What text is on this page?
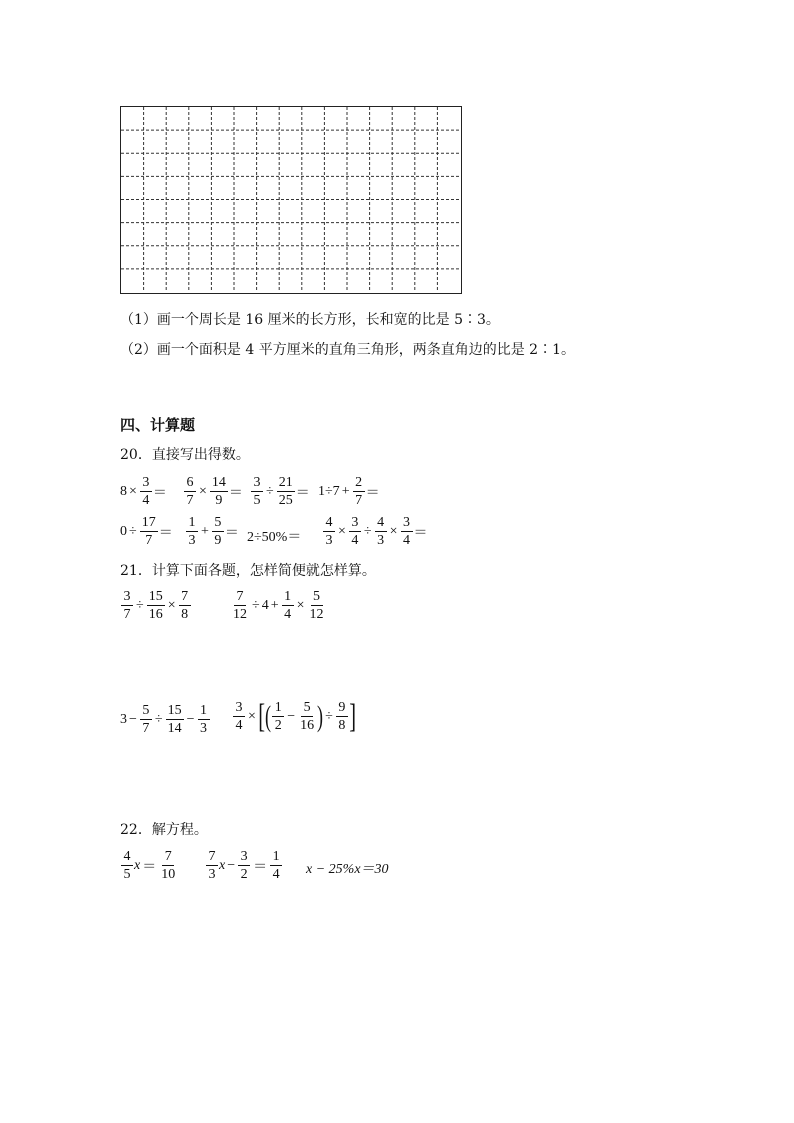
（1）画一个周长是 16 厘米的长方形，长和宽的比是 5∶3。
（2）画一个面积是 4 平方厘米的直角三角形，两条直角边的比是 2∶1。
四、计算题
20．直接写出得数。
$8 \times \frac{3}{4} = \frac{6}{7} \times \frac{14}{9} = \frac{3}{5} \div \frac{21}{25} = 1\div 7 + \frac{2}{7}$ ＝
$0 \div \frac{17}{7} = \frac{1}{3} + \frac{5}{9} = 2\div 50\%= \frac{4}{3} \times \frac{3}{4} \div \frac{4}{3} \times \frac{3}{4}$ ＝
21．计算下面各题，怎样简便就怎样算。
$\frac{3}{7} \div \frac{15}{16} \times \frac{7}{8}$	$\frac{7}{12} \div 4 + \frac{1}{4} \times \frac{5}{12}$
$3 - \frac{5}{7} \div \frac{15}{14} - \frac{1}{3} \frac{3}{4}$ × [ ( $\frac{1}{2} - \frac{5}{16}$ ) ÷ $\frac{9}{8}$ ]
22．解方程。
$\frac{4}{5}$ $x = \frac{7}{10} \frac{7}{3}$ $x - \frac{3}{2} = \frac{1}{4}$ x − 25%x＝30
